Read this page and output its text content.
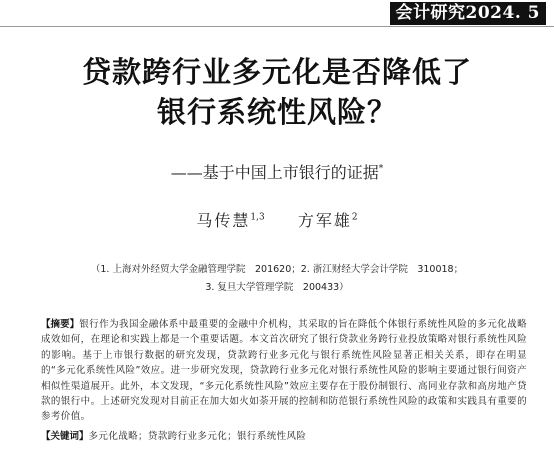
会计研究2024. 5
贷款跨行业多元化是否降低了
银行系统性风险？
——基于中国上市银行的证据*
马传慧$^{1,3}$ 方军雄$^2$
（1. 上海对外经贸大学金融管理学院　201620；2. 浙江财经大学会计学院　310018；
3. 复旦大学管理学院　200433）
【摘要】银行作为我国金融体系中最重要的金融中介机构，其采取的旨在降低个体银行系统性风险的多元化战略成效如何，在理论和实践上都是一个重要话题。本文首次研究了银行贷款业务跨行业投放策略对银行系统性风险的影响。基于上市银行数据的研究发现，贷款跨行业多元化与银行系统性风险显著正相关关系，即存在明显的“多元化系统性风险”效应。进一步研究发现，贷款跨行业多元化对银行系统性风险的影响主要通过银行间资产相似性渠道展开。此外，本文发现，“多元化系统性风险”效应主要存在于股份制银行、高同业存款和高房地产贷款的银行中。上述研究发现对目前正在加大如火如荼开展的控制和防范银行系统性风险的政策和实践具有重要的参考价值。
【关键词】多元化战略；贷款跨行业多元化；银行系统性风险
